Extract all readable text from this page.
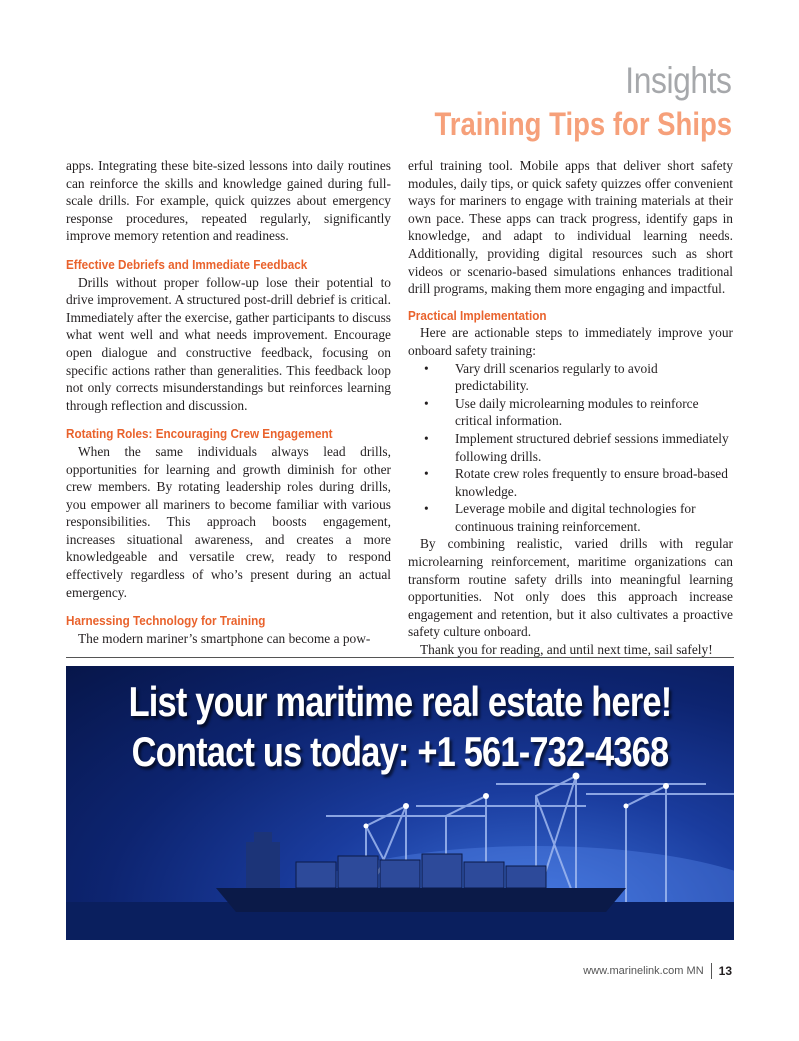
Insights
Training Tips for Ships

apps. Integrating these bite-sized lessons into daily routines can reinforce the skills and knowledge gained during full-scale drills. For example, quick quizzes about emergency response procedures, repeated regularly, significantly improve memory retention and readiness.

Effective Debriefs and Immediate Feedback

Drills without proper follow-up lose their potential to drive improvement. A structured post-drill debrief is critical. Immediately after the exercise, gather participants to discuss what went well and what needs improvement. Encourage open dialogue and constructive feedback, focusing on specific actions rather than generalities. This feedback loop not only corrects misunderstandings but reinforces learning through reflection and discussion.

Rotating Roles: Encouraging Crew Engagement

When the same individuals always lead drills, opportunities for learning and growth diminish for other crew members. By rotating leadership roles during drills, you empower all mariners to become familiar with various responsibilities. This approach boosts engagement, increases situational awareness, and creates a more knowledgeable and versatile crew, ready to respond effectively regardless of who’s present during an actual emergency.

Harnessing Technology for Training

The modern mariner’s smartphone can become a pow-

erful training tool. Mobile apps that deliver short safety modules, daily tips, or quick safety quizzes offer convenient ways for mariners to engage with training materials at their own pace. These apps can track progress, identify gaps in knowledge, and adapt to individual learning needs. Additionally, providing digital resources such as short videos or scenario-based simulations enhances traditional drill programs, making them more engaging and impactful.

Practical Implementation

Here are actionable steps to immediately improve your onboard safety training:

• Vary drill scenarios regularly to avoid predictability.
• Use daily microlearning modules to reinforce critical information.
• Implement structured debrief sessions immediately following drills.
• Rotate crew roles frequently to ensure broad-based knowledge.
• Leverage mobile and digital technologies for continuous training reinforcement.

By combining realistic, varied drills with regular microlearning reinforcement, maritime organizations can transform routine safety drills into meaningful learning opportunities. Not only does this approach increase engagement and retention, but it also cultivates a proactive safety culture onboard.

Thank you for reading, and until next time, sail safely!

List your maritime real estate here!
Contact us today: +1 561-732-4368
www.marinelink.com
MN 13
